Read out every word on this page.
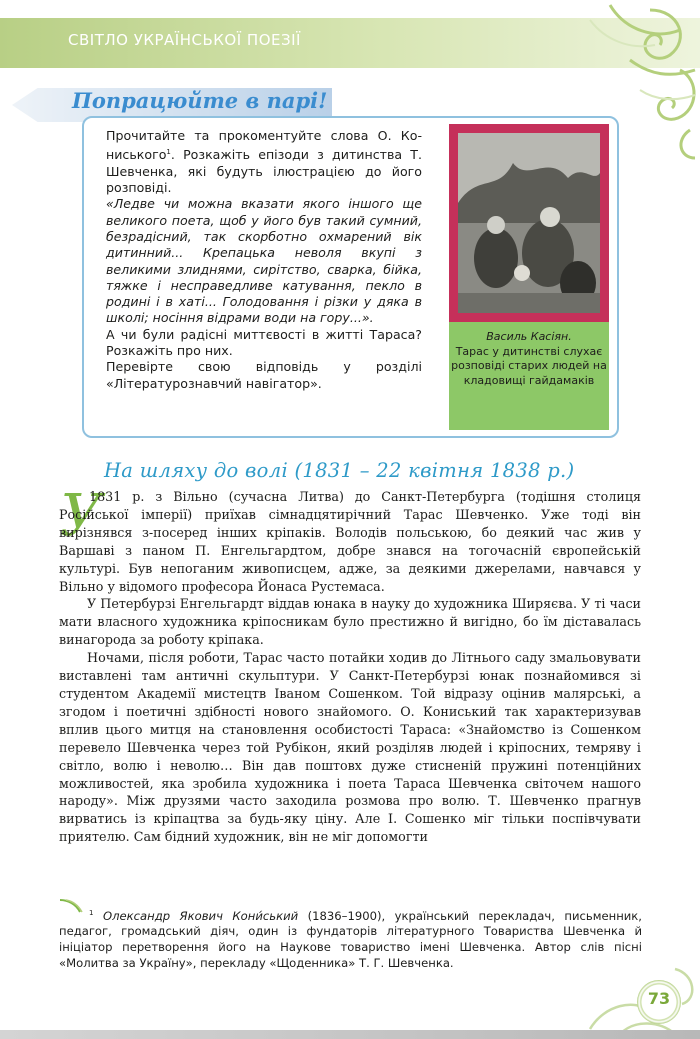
СВІТЛО УКРАЇНСЬКОЇ ПОЕЗІЇ
Попрацюйте в парі!

Прочитайте та прокоментуйте слова О. Ко-ниського$^1$. Розкажіть епізоди з дитинства Т. Шевченка, які будуть ілюстрацією до його розповіді.

«Ледве чи можна вказати якого іншого ще великого поета, щоб у його був такий сумний, безрадісний, так скорботно охмарений вік дитинний... Крепацька неволя вкупі з великими злиднями, сирітство, сварка, бійка, тяжке і несправедливе катування, пекло в родині і в хаті... Голодовання і різки у дяка в школі; носіння відрами води на гору...».

А чи були радісні миттєвості в житті Тараса? Розкажіть про них.

Перевірте свою відповідь у розділі «Літературознавчий навігатор».

Василь Касіян.
Тарас у дитинстві слухає розповіді старих людей на кладовищі гайдамаків
На шляху до волі (1831 – 22 квітня 1838 р.)
У

1831 р. з Вільно (сучасна Литва) до Санкт-Петербурга (тодішня столиця Російської імперії) приїхав сімнадцятирічний Тарас Шевченко. Уже тоді він вирізнявся з-посеред інших кріпаків. Володів польською, бо деякий час жив у Варшаві з паном П. Енгельгардтом, добре знався на тогочасній європейській культурі. Був непоганим живописцем, адже, за деякими джерелами, навчався у Вільно у відомого професора Йонаса Рустемаса.

У Петербурзі Енгельгардт віддав юнака в науку до художника Ширяєва. У ті часи мати власного художника кріпосникам було престижно й вигідно, бо їм діставалась винагорода за роботу кріпака.

Ночами, після роботи, Тарас часто потайки ходив до Літнього саду змальовувати виставлені там античні скульптури. У Санкт-Петербурзі юнак познайомився зі студентом Академії мистецтв Іваном Сошенком. Той відразу оцінив малярські, а згодом і поетичні здібності нового знайомого. О. Кониський так характеризував вплив цього митця на становлення особистості Тараса: «Знайомство із Сошенком перевело Шевченка через той Рубікон, який розділяв людей і кріпосних, темряву і світло, волю і неволю… Він дав поштовх дуже стисненій пружині потенційних можливостей, яка зробила художника і поета Тараса Шевченка світочем нашого народу». Між друзями часто заходила розмова про волю. Т. Шевченко прагнув вирватись із кріпацтва за будь-яку ціну. Але І. Сошенко міг тільки поспівчувати приятелю. Сам бідний художник, він не міг допомогти

$^1$ Олександр Якович Кони́ський (1836–1900), український перекладач, письменник, педагог, громадський діяч, один із фундаторів літературного Товариства Шевченка й ініціатор перетворення його на Наукове товариство імені Шевченка. Автор слів пісні «Молитва за Україну», перекладу «Щоденника» Т. Г. Шевченка.

73
